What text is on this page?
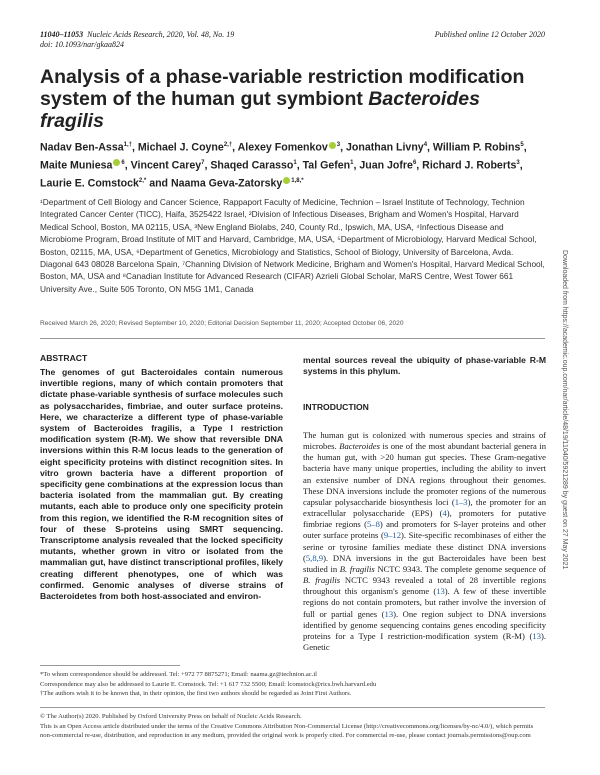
11040–11053 Nucleic Acids Research, 2020, Vol. 48, No. 19
doi: 10.1093/nar/gkaa824
Published online 12 October 2020
Analysis of a phase-variable restriction modification system of the human gut symbiont Bacteroides fragilis
Nadav Ben-Assa$^{1,\dagger}$, Michael J. Coyne$^{2,\dagger}$, Alexey Fomenkov $^3$, Jonathan Livny$^4$, William P. Robins$^5$, Maite Muniesa $^6$, Vincent Carey$^7$, Shaqed Carasso$^1$, Tal Gefen$^1$, Juan Jofre$^6$, Richard J. Roberts$^3$, Laurie E. Comstock$^{2,*}$ and Naama Geva-Zatorsky $^{1,8,*}$
¹Department of Cell Biology and Cancer Science, Rappaport Faculty of Medicine, Technion – Israel Institute of Technology, Technion Integrated Cancer Center (TICC), Haifa, 3525422 Israel, ²Division of Infectious Diseases, Brigham and Women's Hospital, Harvard Medical School, Boston, MA 02115, USA, ³New England Biolabs, 240, County Rd., Ipswich, MA, USA, ⁴Infectious Disease and Microbiome Program, Broad Institute of MIT and Harvard, Cambridge, MA, USA, ⁵Department of Microbiology, Harvard Medical School, Boston, 02115, MA, USA, ⁶Department of Genetics, Microbiology and Statistics, School of Biology, University of Barcelona, Avda. Diagonal 643 08028 Barcelona Spain, ⁷Channing Division of Network Medicine, Brigham and Women's Hospital, Harvard Medical School, Boston, MA, USA and ⁸Canadian Institute for Advanced Research (CIFAR) Azrieli Global Scholar, MaRS Centre, West Tower 661 University Ave., Suite 505 Toronto, ON M5G 1M1, Canada
Received March 26, 2020; Revised September 10, 2020; Editorial Decision September 11, 2020; Accepted October 06, 2020
ABSTRACT
The genomes of gut Bacteroidales contain numerous invertible regions, many of which contain promoters that dictate phase-variable synthesis of surface molecules such as polysaccharides, fimbriae, and outer surface proteins. Here, we characterize a different type of phase-variable system of Bacteroides fragilis, a Type I restriction modification system (R-M). We show that reversible DNA inversions within this R-M locus leads to the generation of eight specificity proteins with distinct recognition sites. In vitro grown bacteria have a different proportion of specificity gene combinations at the expression locus than bacteria isolated from the mammalian gut. By creating mutants, each able to produce only one specificity protein from this region, we identified the R-M recognition sites of four of these S-proteins using SMRT sequencing. Transcriptome analysis revealed that the locked specificity mutants, whether grown in vitro or isolated from the mammalian gut, have distinct transcriptional profiles, likely creating different phenotypes, one of which was confirmed. Genomic analyses of diverse strains of Bacteroidetes from both host-associated and environ-
mental sources reveal the ubiquity of phase-variable R-M systems in this phylum.
INTRODUCTION
The human gut is colonized with numerous species and strains of microbes. Bacteroides is one of the most abundant bacterial genera in the human gut, with >20 human gut species. These Gram-negative bacteria have many unique properties, including the ability to invert an extensive number of DNA regions throughout their genomes. These DNA inversions include the promoter regions of the numerous capsular polysaccharide biosynthesis loci (1–3), the promoter for an extracellular polysaccharide (EPS) (4), promoters for putative fimbriae regions (5–8) and promoters for S-layer proteins and other outer surface proteins (9–12). Site-specific recombinases of either the serine or tyrosine families mediate these distinct DNA inversions (5,8,9). DNA inversions in the gut Bacteroidales have been best studied in B. fragilis NCTC 9343. The complete genome sequence of B. fragilis NCTC 9343 revealed a total of 28 invertible regions throughout this organism's genome (13). A few of these invertible regions do not contain promoters, but rather involve the inversion of full or partial genes (13). One region subject to DNA inversions identified by genome sequencing contains genes encoding specificity proteins for a Type I restriction-modification system (R-M) (13). Genetic

*To whom correspondence should be addressed. Tel: +972 77 8875271; Email: naama.gz@technion.ac.il

Correspondence may also be addressed to Laurie E. Comstock. Tel: +1 617 732 5500; Email: lcomstock@rics.bwh.harvard.edu

†The authors wish it to be known that, in their opinion, the first two authors should be regarded as Joint First Authors.

© The Author(s) 2020. Published by Oxford University Press on behalf of Nucleic Acids Research.

This is an Open Access article distributed under the terms of the Creative Commons Attribution Non-Commercial License (http://creativecommons.org/licenses/by-nc/4.0/), which permits non-commercial re-use, distribution, and reproduction in any medium, provided the original work is properly cited. For commercial re-use, please contact journals.permissions@oup.com

Downloaded from https://academic.oup.com/nar/article/48/19/11040/5921289 by guest on 27 May 2021
